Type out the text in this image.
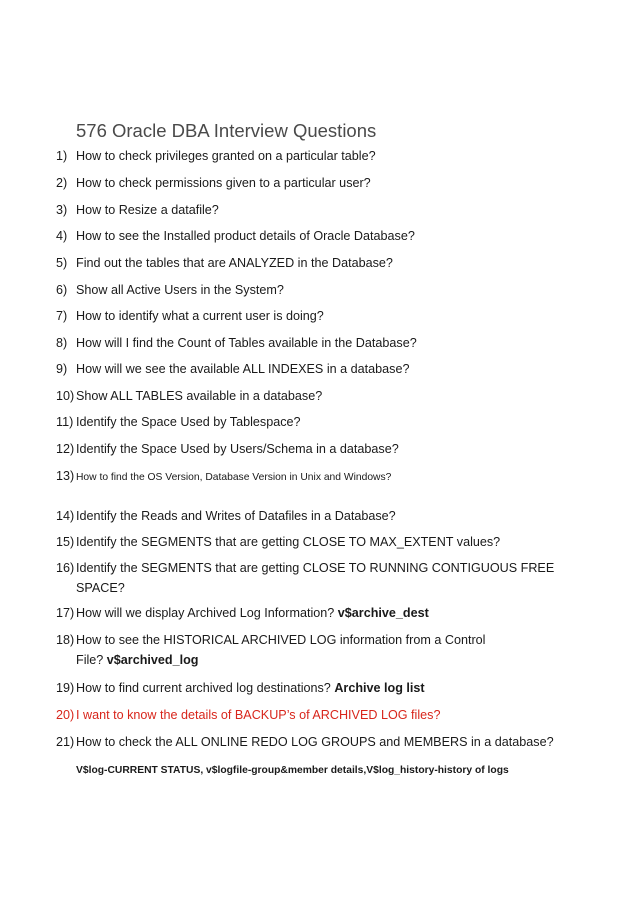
576 Oracle DBA Interview Questions
1) How to check privileges granted on a particular table?
2) How to check permissions given to a particular user?
3) How to Resize a datafile?
4) How to see the Installed product details of Oracle Database?
5) Find out the tables that are ANALYZED in the Database?
6) Show all Active Users in the System?
7) How to identify what a current user is doing?
8) How will I find the Count of Tables available in the Database?
9) How will we see the available ALL INDEXES in a database?
10) Show ALL TABLES available in a database?
11) Identify the Space Used by Tablespace?
12) Identify the Space Used by Users/Schema in a database?
13) How to find the OS Version, Database Version in Unix and Windows?
14) Identify the Reads and Writes of Datafiles in a Database?
15) Identify the SEGMENTS that are getting CLOSE TO MAX_EXTENT values?
16) Identify the SEGMENTS that are getting CLOSE TO RUNNING CONTIGUOUS FREE
SPACE?
17) How will we display Archived Log Information? v$archive_dest
18) How to see the HISTORICAL ARCHIVED LOG information from a Control
File? v$archived_log
19) How to find current archived log destinations? Archive log list
20) I want to know the details of BACKUP’s of ARCHIVED LOG files?
21) How to check the ALL ONLINE REDO LOG GROUPS and MEMBERS in a database?
V$log-CURRENT STATUS, v$logfile-group&member details,V$log_history-history of logs
